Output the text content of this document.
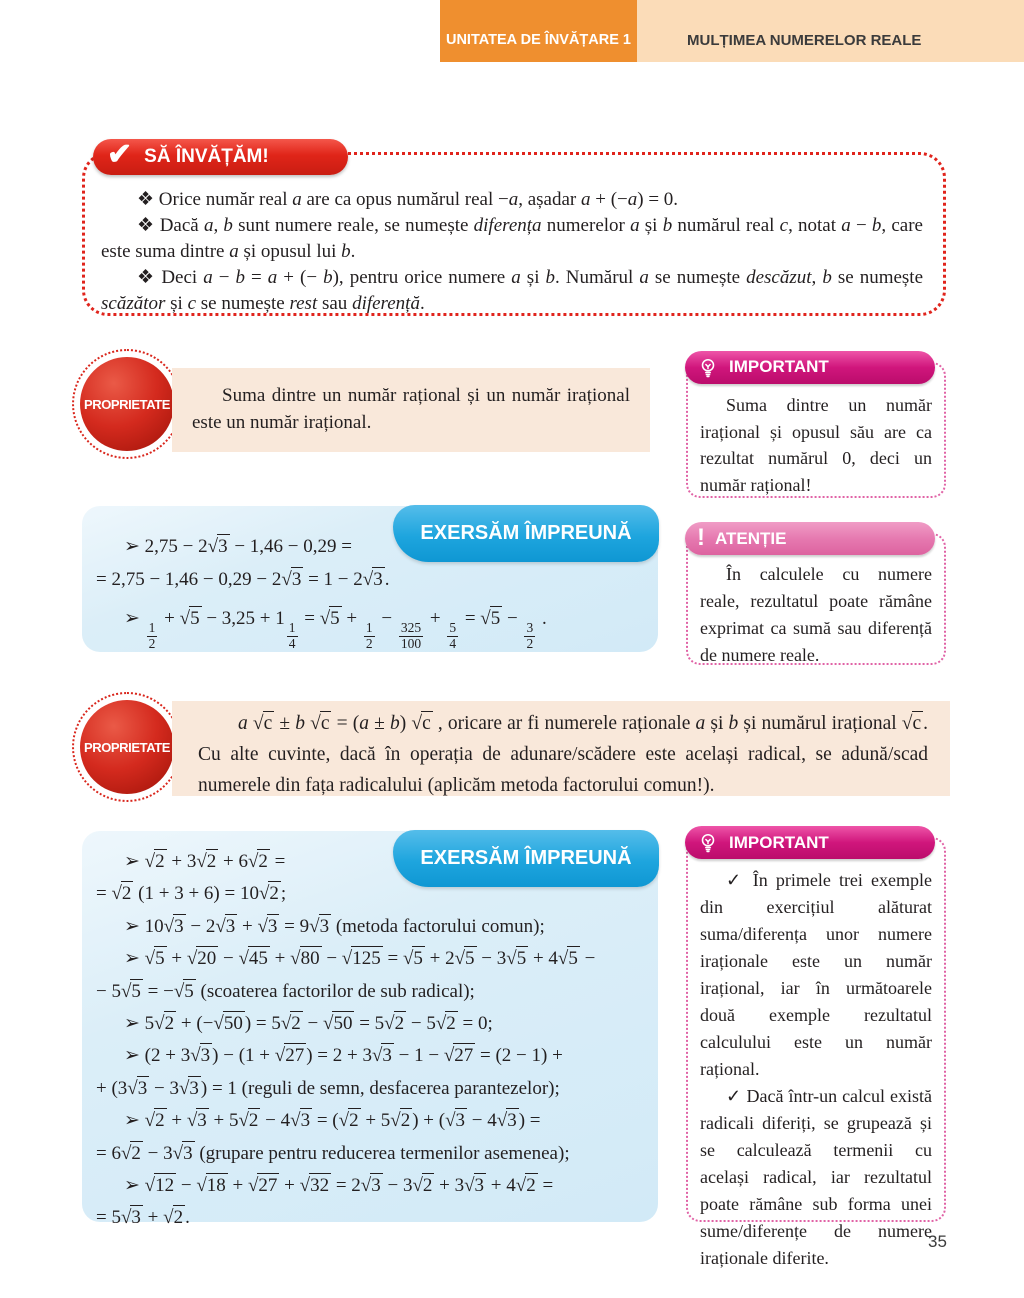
UNITATEA DE ÎNVĂȚARE 1	MULȚIMEA NUMERELOR REALE
✔ SĂ ÎNVĂȚĂM!

❖ Orice număr real a are ca opus numărul real −a, așadar a + (−a) = 0.

❖ Dacă a, b sunt numere reale, se numește diferența numerelor a și b numărul real c, notat a − b, care este suma dintre a și opusul lui b.

❖ Deci a − b = a + (− b), pentru orice numere a și b. Numărul a se numește descăzut, b se numește scăzător și c se numește rest sau diferență.

PROPRIETATE	Suma dintre un număr rațional și un număr irațional este un număr irațional.
IMPORTANT

Suma dintre un număr irațional și opusul său are ca rezultat numărul 0, deci un număr rațional!

EXERSĂM ÎMPREUNĂ
➢ 2,75 − 2√3 − 1,46 − 0,29 =
= 2,75 − 1,46 − 0,29 − 2√3 = 1 − 2√3 .
➢
$\frac{1}{2}$
+ √5 − 3,25 + 1
$\frac{1}{4}$
= √5 +
$\frac{1}{2}$
−
$\frac{325}{100}$
+
$\frac{5}{4}$
= √5 −
$\frac{3}{2}$
.
! ATENȚIE

În calculele cu numere reale, rezultatul poate rămâne exprimat ca sumă sau diferență de numere reale.

PROPRIETATE
a √c ± b √c = (a ± b) √c , oricare ar fi numerele raționale a și b și numărul irațional √c . Cu alte cuvinte, dacă în operația de adunare/scădere este același radical, se adună/scad numerele din fața radicalului (aplicăm metoda factorului comun!).
EXERSĂM ÎMPREUNĂ
➢ √2 + 3√2 + 6√2 =
= √2 (1 + 3 + 6) = 10√2 ;
➢ 10√3 − 2√3 + √3 = 9√3 (metoda factorului comun);
➢ √5 + √20 − √45 + √80 − √125 = √5 + 2√5 − 3√5 + 4√5 −
− 5√5 = −√5 (scoaterea factorilor de sub radical);
➢ 5√2 + (−√50 ) = 5√2 − √50 = 5√2 − 5√2 = 0;
➢ (2 + 3√3 ) − (1 + √27 ) = 2 + 3√3 − 1 − √27 = (2 − 1) +
+ (3√3 − 3√3 ) = 1 (reguli de semn, desfacerea parantezelor);
➢ √2 + √3 + 5√2 − 4√3 = (√2 + 5√2 ) + (√3 − 4√3 ) =
= 6√2 − 3√3 (grupare pentru reducerea termenilor asemenea);
➢ √12 − √18 + √27 + √32 = 2√3 − 3√2 + 3√3 + 4√2 =
= 5√3 + √2 .
IMPORTANT

✓ În primele trei exemple din exercițiul alăturat suma/diferența unor numere iraționale este un număr irațional, iar în următoarele două exemple rezultatul calculului este un număr rațional.

✓ Dacă într-un calcul există radicali diferiți, se grupează și se calculează termenii cu același radical, iar rezultatul poate rămâne sub forma unei sume/diferențe de numere iraționale diferite.

35
